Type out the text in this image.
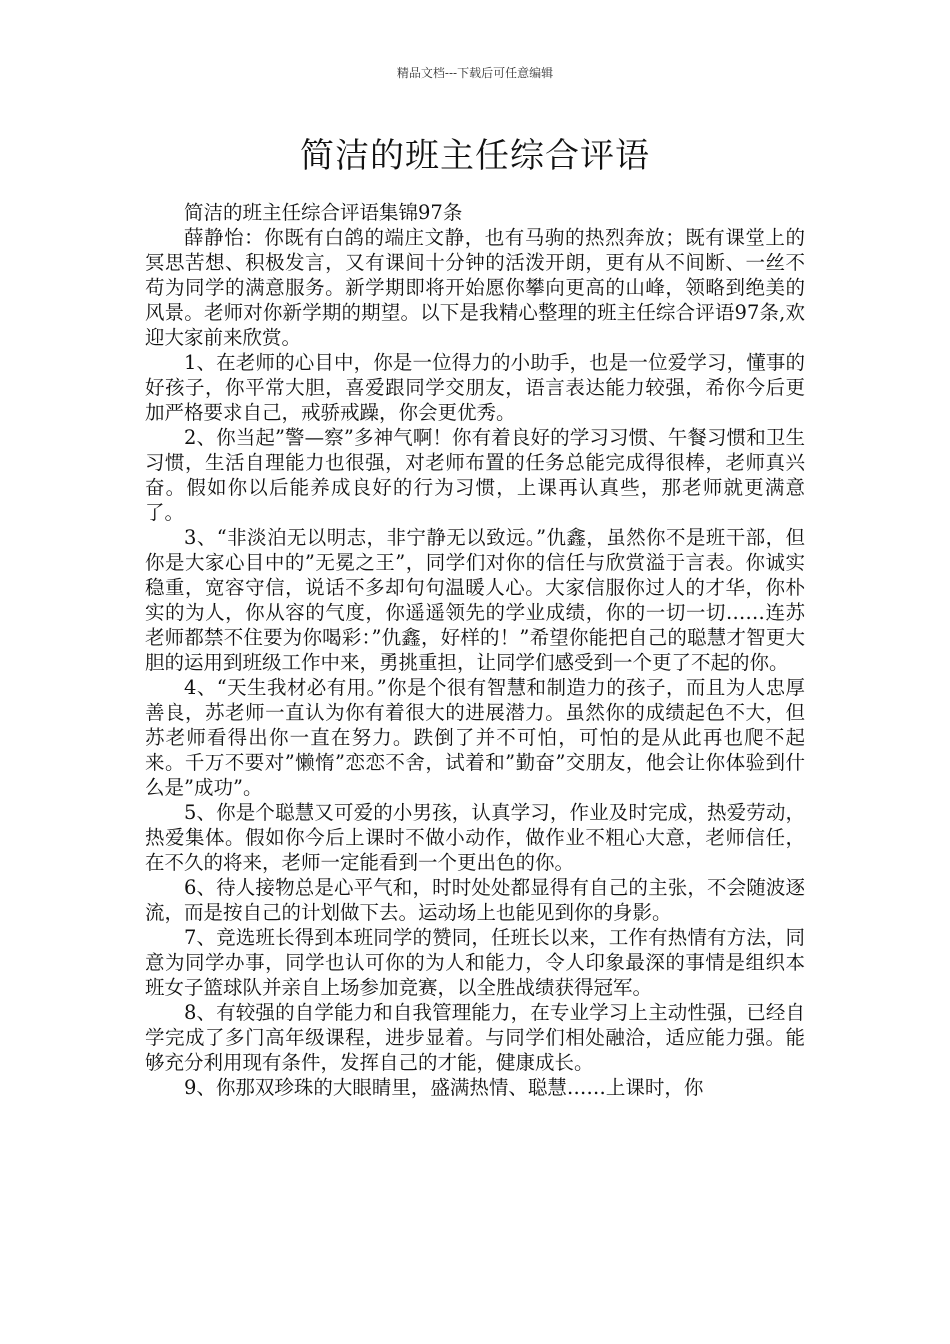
精品文档---下载后可任意编辑
简洁的班主任综合评语

简洁的班主任综合评语集锦97条

薛静怡：你既有白鸽的端庄文静，也有马驹的热烈奔放；既有课堂上的冥思苦想、积极发言，又有课间十分钟的活泼开朗，更有从不间断、一丝不苟为同学的满意服务。新学期即将开始愿你攀向更高的山峰，领略到绝美的风景。老师对你新学期的期望。以下是我精心整理的班主任综合评语97条,欢迎大家前来欣赏。

1、在老师的心目中，你是一位得力的小助手，也是一位爱学习，懂事的好孩子，你平常大胆，喜爱跟同学交朋友，语言表达能力较强，希你今后更加严格要求自己，戒骄戒躁，你会更优秀。

2、你当起”警—察”多神气啊！你有着良好的学习习惯、午餐习惯和卫生习惯，生活自理能力也很强，对老师布置的任务总能完成得很棒，老师真兴奋。假如你以后能养成良好的行为习惯，上课再认真些，那老师就更满意了。

3、“非淡泊无以明志，非宁静无以致远。”仇鑫，虽然你不是班干部，但你是大家心目中的”无冕之王”，同学们对你的信任与欣赏溢于言表。你诚实稳重，宽容守信，说话不多却句句温暖人心。大家信服你过人的才华，你朴实的为人，你从容的气度，你遥遥领先的学业成绩，你的一切一切……连苏老师都禁不住要为你喝彩：”仇鑫，好样的！”希望你能把自己的聪慧才智更大胆的运用到班级工作中来，勇挑重担，让同学们感受到一个更了不起的你。

4、“天生我材必有用。”你是个很有智慧和制造力的孩子，而且为人忠厚善良，苏老师一直认为你有着很大的进展潜力。虽然你的成绩起色不大，但苏老师看得出你一直在努力。跌倒了并不可怕，可怕的是从此再也爬不起来。千万不要对”懒惰”恋恋不舍，试着和”勤奋”交朋友，他会让你体验到什么是”成功”。

5、你是个聪慧又可爱的小男孩，认真学习，作业及时完成，热爱劳动，热爱集体。假如你今后上课时不做小动作，做作业不粗心大意，老师信任，在不久的将来，老师一定能看到一个更出色的你。

6、待人接物总是心平气和，时时处处都显得有自己的主张，不会随波逐流，而是按自己的计划做下去。运动场上也能见到你的身影。

7、竞选班长得到本班同学的赞同，任班长以来，工作有热情有方法，同意为同学办事，同学也认可你的为人和能力，令人印象最深的事情是组织本班女子篮球队并亲自上场参加竞赛，以全胜战绩获得冠军。

8、有较强的自学能力和自我管理能力，在专业学习上主动性强，已经自学完成了多门高年级课程，进步显着。与同学们相处融洽，适应能力强。能够充分利用现有条件，发挥自己的才能，健康成长。

9、你那双珍珠的大眼睛里，盛满热情、聪慧……上课时，你
